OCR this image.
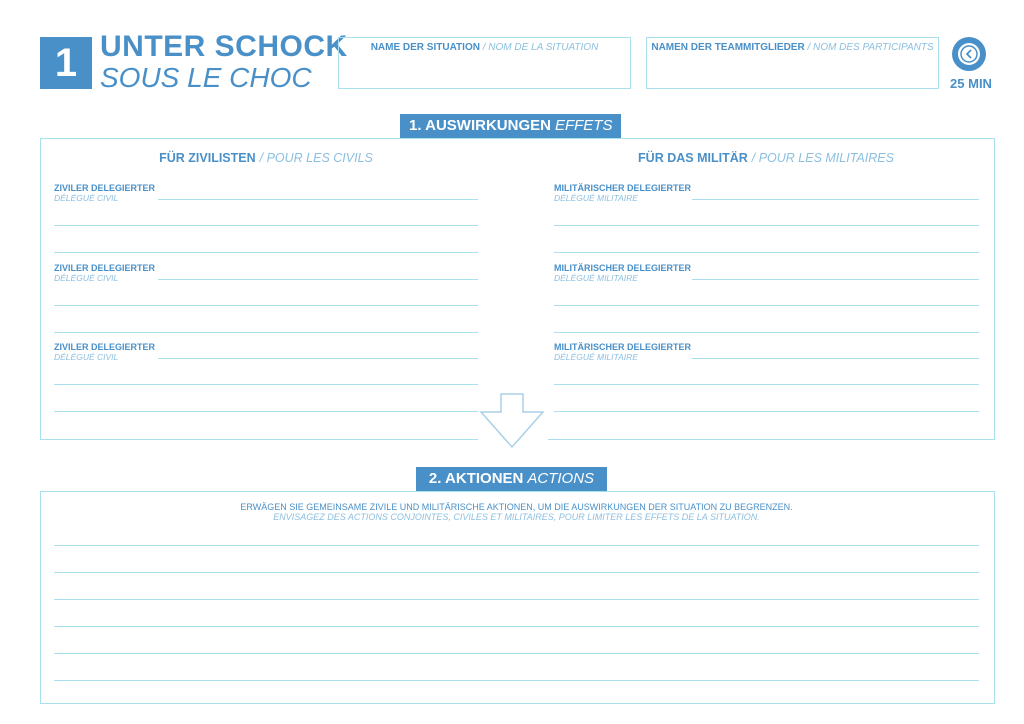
1 UNTER SCHOCK
SOUS LE CHOC
NAME DER SITUATION / NOM DE LA SITUATION	NAMEN DER TEAMMITGLIEDER / NOM DES PARTICIPANTS
25 MIN
1. AUSWIRKUNGEN EFFETS
FÜR ZIVILISTEN / POUR LES CIVILS
ZIVILER DELEGIERTER
DÉLÉGUÉ CIVIL
ZIVILER DELEGIERTER
DÉLÉGUÉ CIVIL
ZIVILER DELEGIERTER
DÉLÉGUÉ CIVIL
FÜR DAS MILITÄR / POUR LES MILITAIRES
MILITÄRISCHER DELEGIERTER
DÉLÉGUÉ MILITAIRE
MILITÄRISCHER DELEGIERTER
DÉLÉGUÉ MILITAIRE
MILITÄRISCHER DELEGIERTER
DÉLÉGUÉ MILITAIRE
2. AKTIONEN ACTIONS
ERWÄGEN SIE GEMEINSAME ZIVILE UND MILITÄRISCHE AKTIONEN, UM DIE AUSWIRKUNGEN DER SITUATION ZU BEGRENZEN.
ENVISAGEZ DES ACTIONS CONJOINTES, CIVILES ET MILITAIRES, POUR LIMITER LES EFFETS DE LA SITUATION.
